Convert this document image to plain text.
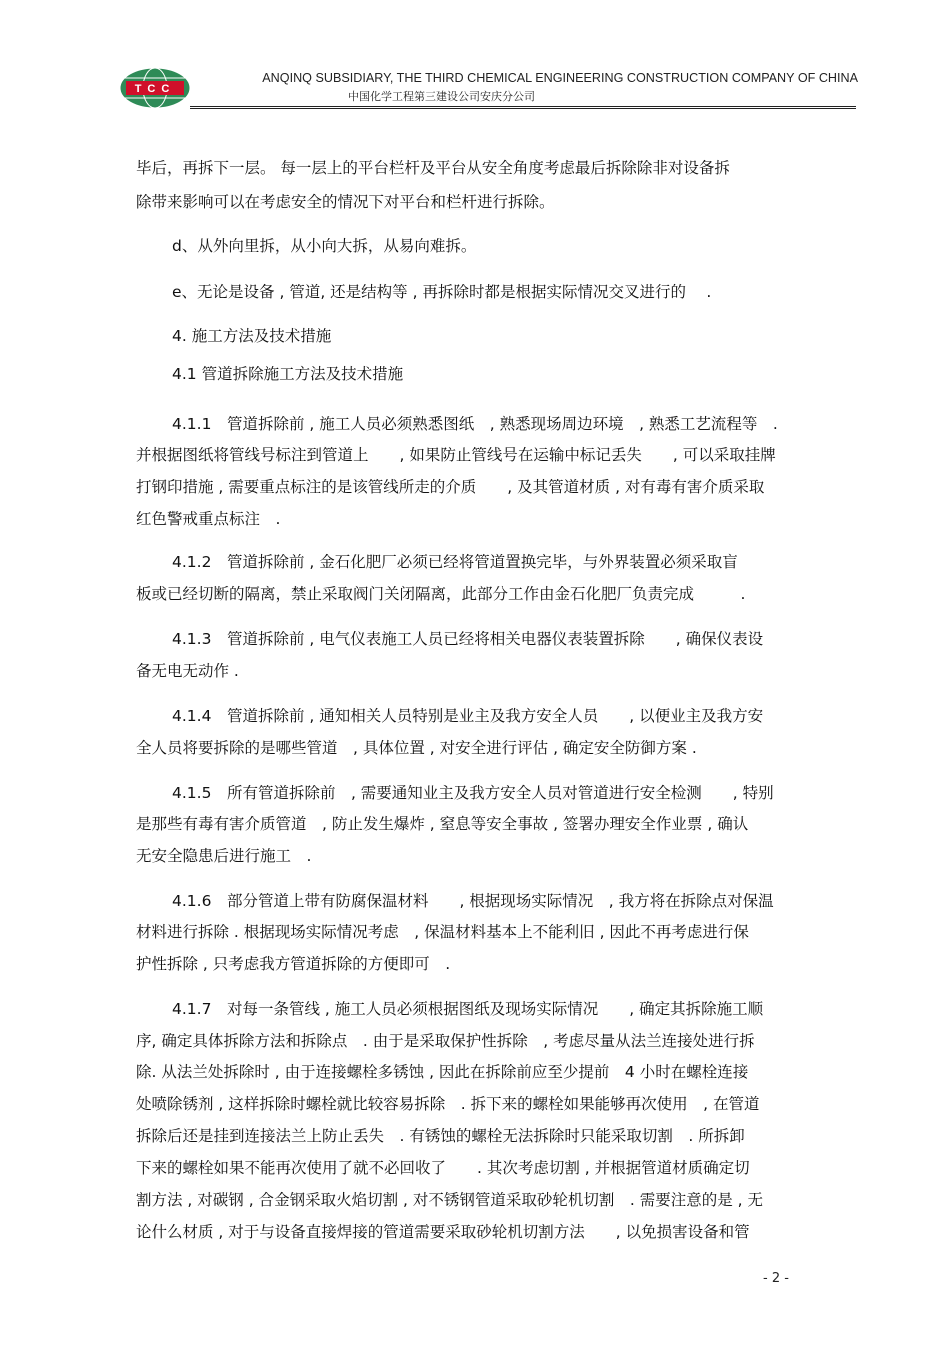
TCC
ANQINQ SUBSIDIARY, THE THIRD CHEMICAL ENGINEERING CONSTRUCTION COMPANY OF CHINA
中国化学工程第三建设公司安庆分公司
毕后，再拆下一层。 每一层上的平台栏杆及平台从安全角度考虑最后拆除除非对设备拆
除带来影响可以在考虑安全的情况下对平台和栏杆进行拆除。
d、从外向里拆，从小向大拆，从易向难拆。
e、无论是设备 , 管道, 还是结构等 , 再拆除时都是根据实际情况交叉进行的　 .
4. 施工方法及技术措施
4.1 管道拆除施工方法及技术措施
4.1.1　管道拆除前 , 施工人员必须熟悉图纸　, 熟悉现场周边环境　, 熟悉工艺流程等　.
并根据图纸将管线号标注到管道上　　, 如果防止管线号在运输中标记丢失　　, 可以采取挂牌
打钢印措施 , 需要重点标注的是该管线所走的介质　　, 及其管道材质 , 对有毒有害介质采取
红色警戒重点标注　.
4.1.2　管道拆除前 , 金石化肥厂必须已经将管道置换完毕，与外界装置必须采取盲
板或已经切断的隔离，禁止采取阀门关闭隔离，此部分工作由金石化肥厂负责完成　　　.
4.1.3　管道拆除前 , 电气仪表施工人员已经将相关电器仪表装置拆除　　, 确保仪表设
备无电无动作 .
4.1.4　管道拆除前 , 通知相关人员特别是业主及我方安全人员　　, 以便业主及我方安
全人员将要拆除的是哪些管道　, 具体位置 , 对安全进行评估 , 确定安全防御方案 .
4.1.5　所有管道拆除前　, 需要通知业主及我方安全人员对管道进行安全检测　　, 特别
是那些有毒有害介质管道　, 防止发生爆炸 , 窒息等安全事故 , 签署办理安全作业票 , 确认
无安全隐患后进行施工　.
4.1.6　部分管道上带有防腐保温材料　　, 根据现场实际情况　, 我方将在拆除点对保温
材料进行拆除 . 根据现场实际情况考虑　, 保温材料基本上不能利旧 , 因此不再考虑进行保
护性拆除 , 只考虑我方管道拆除的方便即可　.
4.1.7　对每一条管线 , 施工人员必须根据图纸及现场实际情况　　, 确定其拆除施工顺
序, 确定具体拆除方法和拆除点　. 由于是采取保护性拆除　, 考虑尽量从法兰连接处进行拆
除. 从法兰处拆除时 , 由于连接螺栓多锈蚀 , 因此在拆除前应至少提前　4 小时在螺栓连接
处喷除锈剂 , 这样拆除时螺栓就比较容易拆除　. 拆下来的螺栓如果能够再次使用　, 在管道
拆除后还是挂到连接法兰上防止丢失　. 有锈蚀的螺栓无法拆除时只能采取切割　. 所拆卸
下来的螺栓如果不能再次使用了就不必回收了　　. 其次考虑切割 , 并根据管道材质确定切
割方法 , 对碳钢 , 合金钢采取火焰切割 , 对不锈钢管道采取砂轮机切割　. 需要注意的是 , 无
论什么材质 , 对于与设备直接焊接的管道需要采取砂轮机切割方法　　, 以免损害设备和管
- 2 -
